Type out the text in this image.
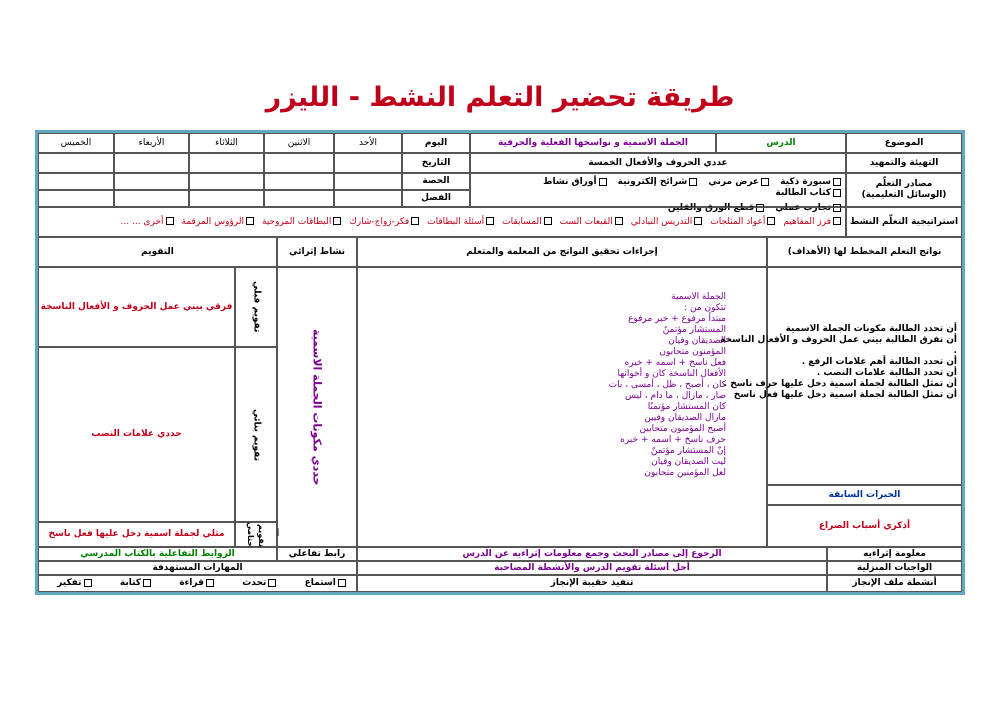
طريقة تحضير التعلم النشط - الليزر
الموضوع
الدرس
الجملة الاسمية و نواسخها الفعلية والحرفية
اليوم
الأحد
الاثنين
الثلاثاء
الأربعاء
الخميس
التهيئة والتمهيد
عددي الحروف والأفعال الخمسة
التاريخ
مصادر التعلّم
(الوسائل التعليمية)
سبورة ذكية عرض مرني شرائح إلكترونية أوراق نشاط كتاب الطالبة
تجارب عملي قطع الورق والقلين
الحصة
الفصل
استراتيجية التعلّم النشط
فرز المفاهيم
أعواد المثلجات
التدريس التبادلي
القبعات الست
المسابقات
أسئلة البطاقات
فكر-زواج-شارك
البطاقات المروحية
الرؤوس المرقمة
أخرى ... ...
نواتج التعلم المخطط لها (الأهداف)
إجراءات تحقيق النواتج من المعلمة والمتعلم
نشاط إثرائي
التقويم
أن تحدد الطالبة مكونات الجملة الاسمية
أن تفرق الطالبة بيني عمل الحروف و الأفعال الناسخة
.
أن تحدد الطالبة أهم علامات الرفع .
أن تحدد الطالبة علامات النصب .
أن تمثل الطالبة لجملة اسمية دخل عليها حرف ناسخ .
أن تمثل الطالبة لجملة اسمية دخل عليها فعل ناسخ
الخبرات السابقة
أذكري أسباب الصراع
الجملة الاسمية
تتكون من :
مبتدأ مرفوع + خبر مرفوع
المستشار مؤتمنٌ
الصديقان وفيان
المؤمنون متحابون
فعل ناسخ + اسمه + خبره
الأفعال الناسخة كان و أخواتها
كان ، أصبح ، ظل ، أمسى ، بات
صار ، مازال ، ما دام ، ليس
كان المستشار مؤتمنًا
مازال الصديقان وفيين
أصبح المؤمنون متحابين
حرف ناسخ + اسمه + خبره
إنّ المستشار مؤتمنٌ
ليت الصديقان وفيان
لعل المؤمنين متحابون
حددي مكونات الجملة الاسمية
تقويم قبلي
فرقي بيني عمل الحروف و الأفعال الناسخة
تقويم بنائي
حددي علامات النصب
تقويم ختامي
مثلي لجملة اسمية دخل عليها فعل ناسخ	أ
معلومة إثراءيه
الرجوع إلى مصادر البحث وجمع معلومات إثراءيه عن الدرس
رابط تفاعلي
الروابط التفاعلية بالكتاب المدرسي
الواجبات المنزلية
أحل أسئلة تقويم الدرس والأنشطة المصاحبة
المهارات المستهدفة
أنشطة ملف الإنجاز
تنفيذ حقيبة الإنجاز
استماع
تحدث
قراءة
كتابة
تفكير
